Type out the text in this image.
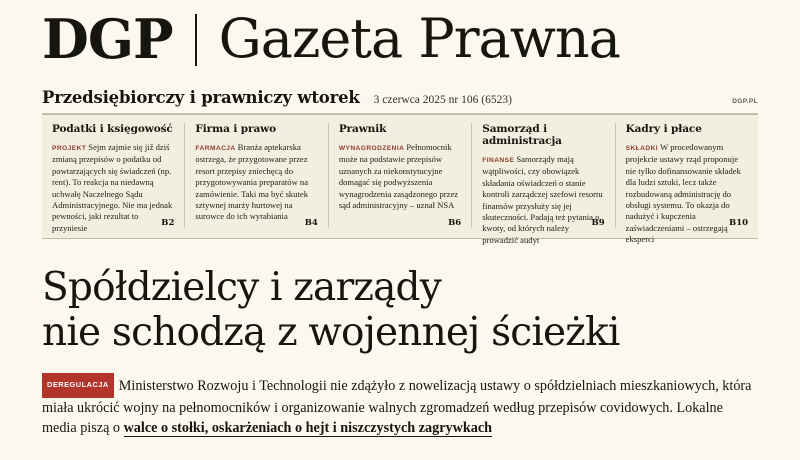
DGP Gazeta Prawna
Przedsiębiorczy i prawniczy wtorek 3 czerwca 2025 nr 106 (6523)	DGP.PL
Podatki i księgowość
PROJEKT Sejm zajmie się již dziś zmianą przepisów o podatku od powtarzających się świadczeń (np. rent). To reakcja na niedawną uchwałę Naczelnego Sądu Administracyjnego. Nie ma jednak pewności, jaki rezultat to przyniesie	B2
Firma i prawo
FARMACJA Branża aptekarska ostrzega, że przygotowane przez resort przepisy zniechęcą do przygotowywania preparatów na zamówienie. Taki ma być skutek sztywnej marży hurtowej na surowce do ich wyrabiania
B4
Prawnik
WYNAGRODZENIA Pełnomocnik może na podstawie przepisów uznanych za niekonstytucyjne domagać się podwyższenia wynagrodzenia zasądzonego przez sąd administracyjny – uznał NSA
B6
Samorząd i administracja
FINANSE Samorządy mają wątpliwości, czy obowiązek składania oświadczeń o stanie kontroli zarządczej szefowi resortu finansów przysłuży się jej skuteczności. Padają też pytania o kwoty, od których należy prowadzić audyt
B9
Kadry i płace
SKŁADKI W procedowanym projekcie ustawy rząd proponuje nie tylko dofinansowanie składek dla ludzi sztuki, lecz także rozbudowaną administrację do obsługi systemu. To okazja do nadużyć i kupczenia zaświadczeniami – ostrzegają eksperci
B10
Spółdzielcy i zarządy
nie schodzą z wojennej ścieżki
DEREGULACJA Ministerstwo Rozwoju i Technologii nie zdążyło z nowelizacją ustawy o spółdzielniach mieszkaniowych, która miała ukrócić wojny na pełnomocników i organizowanie walnych zgromadzeń według przepisów covidowych. Lokalne media piszą o walce o stołki, oskarżeniach o hejt i niszczystych zagrywkach
